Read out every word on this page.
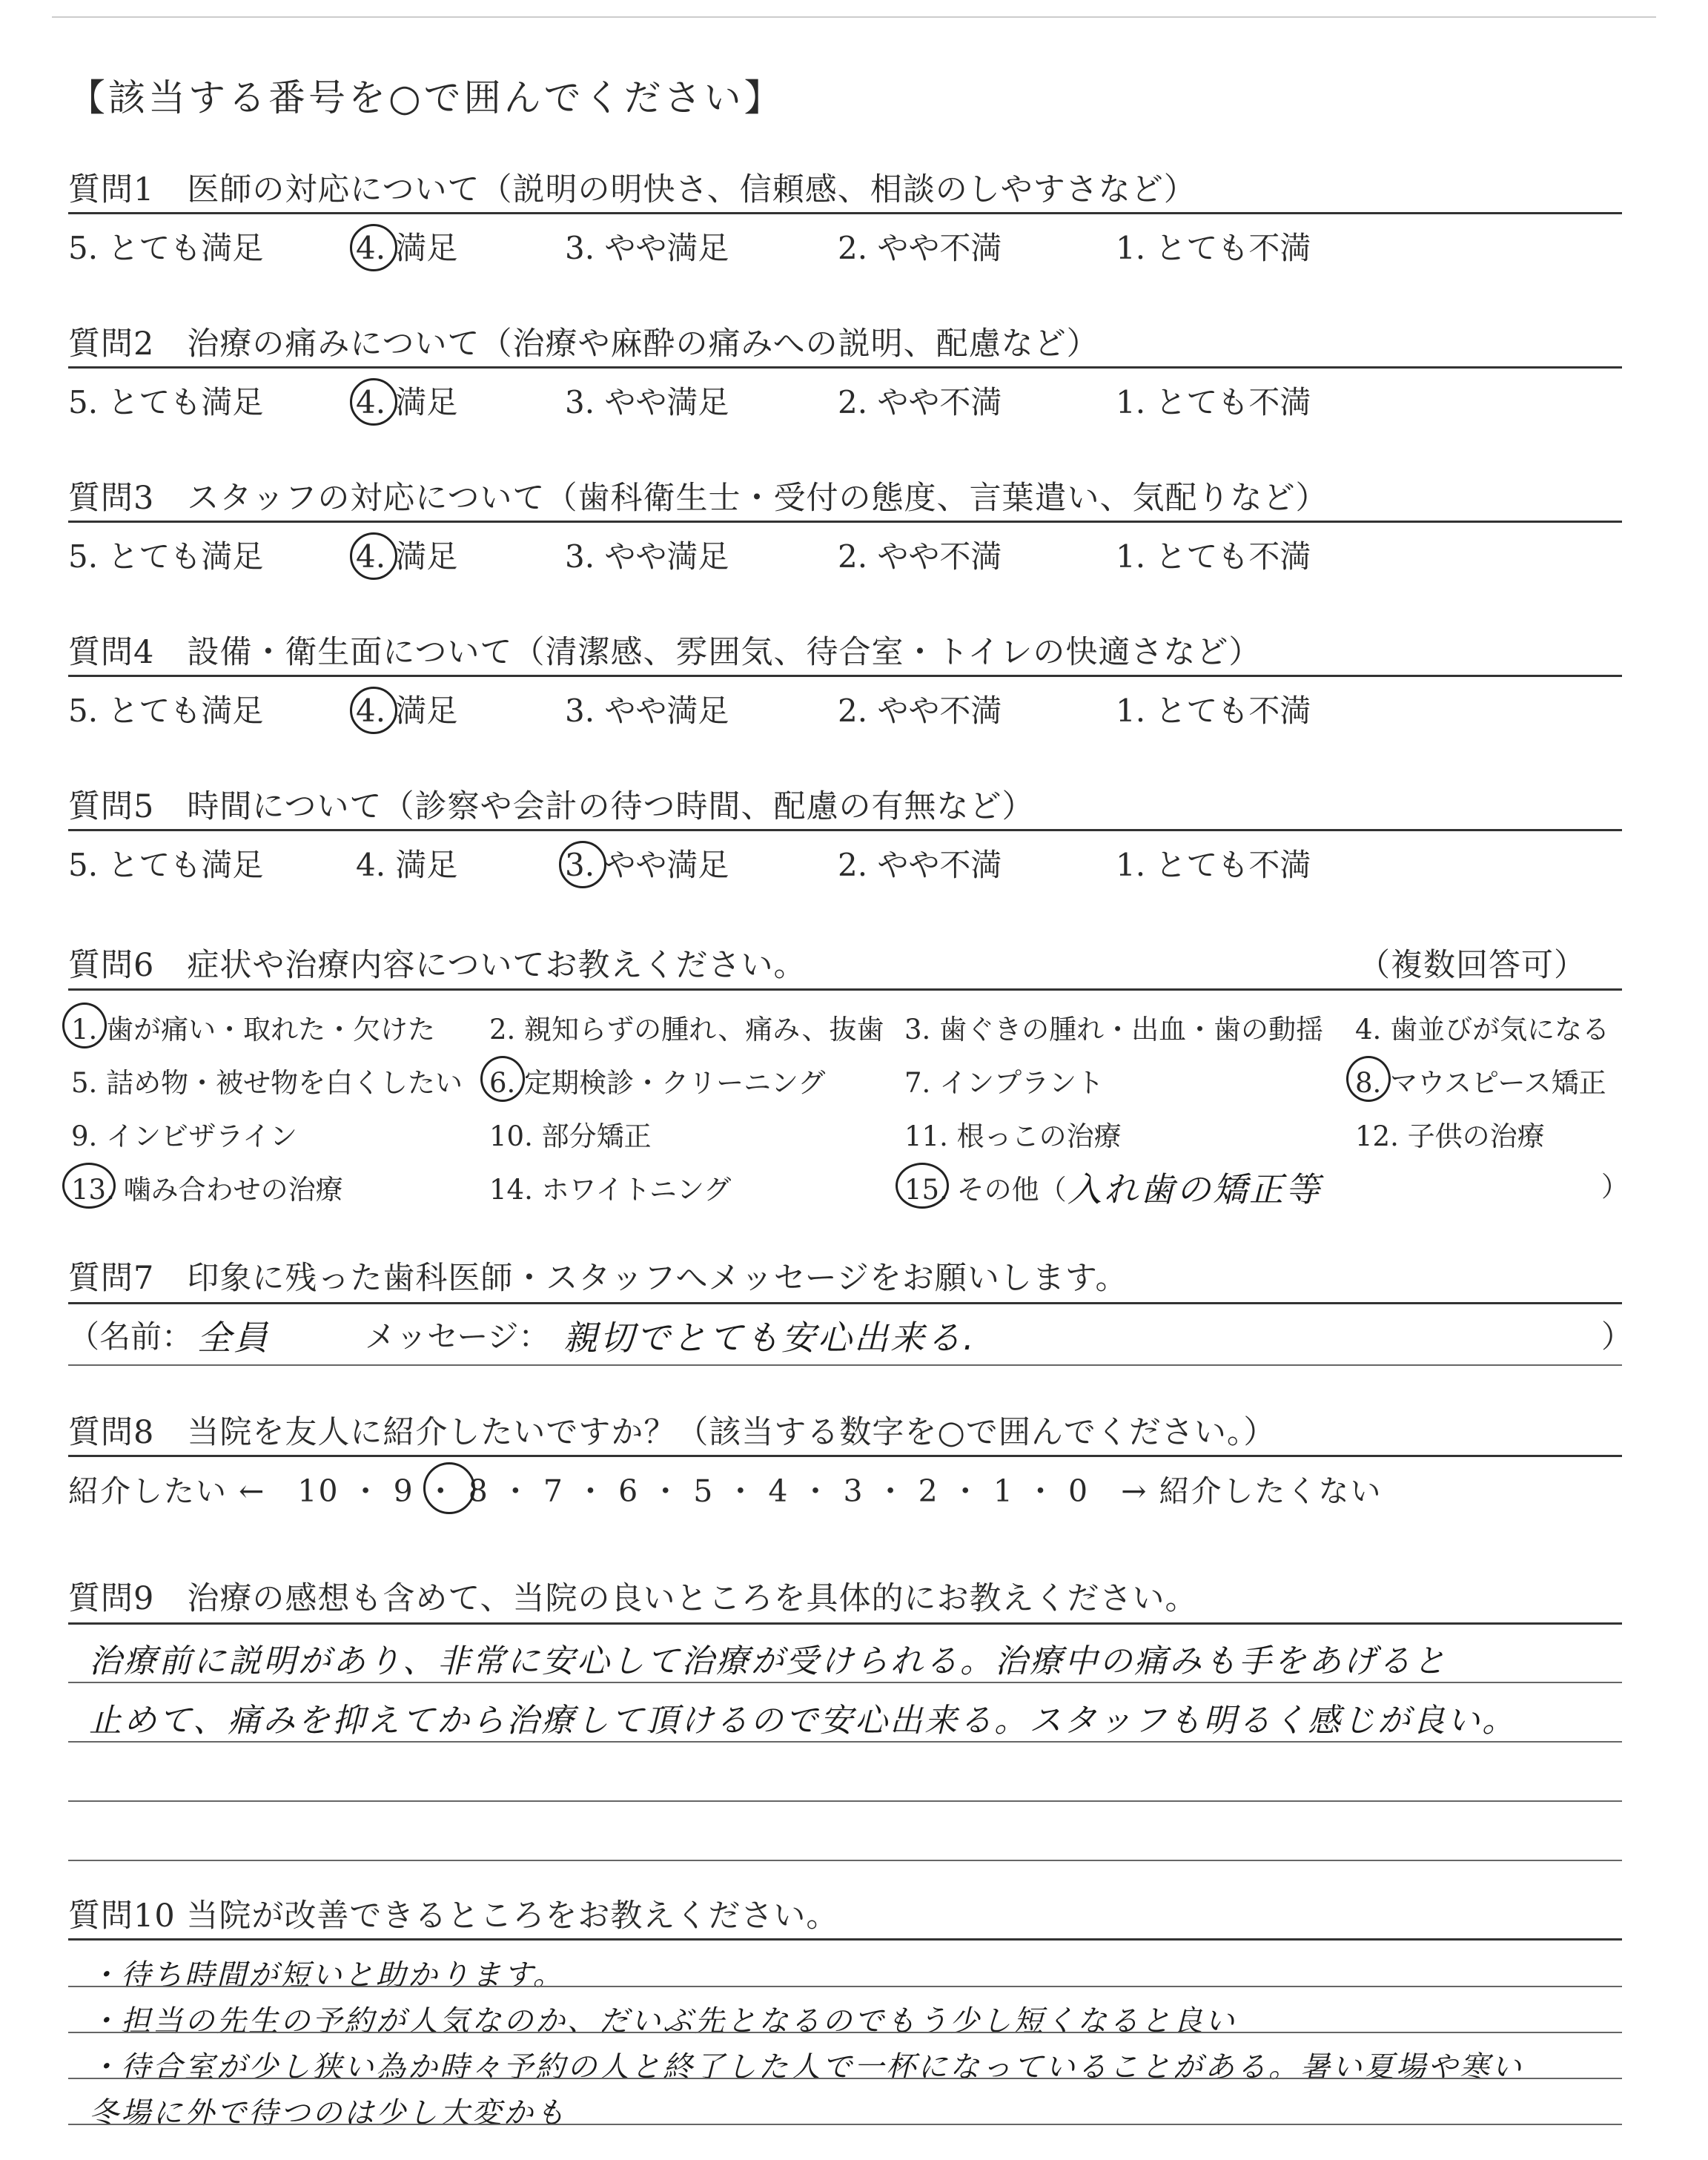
【該当する番号を○で囲んでください】
質問1　医師の対応について（説明の明快さ、信頼感、相談のしやすさなど）
5. とても満足	4. 満足	3. やや満足	2. やや不満	1. とても不満
質問2　治療の痛みについて（治療や麻酔の痛みへの説明、配慮など）
5. とても満足	4. 満足	3. やや満足	2. やや不満	1. とても不満
質問3　スタッフの対応について（歯科衛生士・受付の態度、言葉遣い、気配りなど）
5. とても満足	4. 満足	3. やや満足	2. やや不満	1. とても不満
質問4　設備・衛生面について（清潔感、雰囲気、待合室・トイレの快適さなど）
5. とても満足	4. 満足	3. やや満足	2. やや不満	1. とても不満
質問5　時間について（診察や会計の待つ時間、配慮の有無など）
5. とても満足	4. 満足	3. やや満足	2. やや不満	1. とても不満
質問6　症状や治療内容についてお教えください。	（複数回答可）
1. 歯が痛い・取れた・欠けた 2. 親知らずの腫れ、痛み、抜歯 3. 歯ぐきの腫れ・出血・歯の動揺 4. 歯並びが気になる
5. 詰め物・被せ物を白くしたい 6. 定期検診・クリーニング	7. インプラント	8. マウスピース矯正
9. インビザライン	10. 部分矯正	11. 根っこの治療	12. 子供の治療
13. 噛み合わせの治療	14. ホワイトニング	15. その他（ 入れ歯の矯正等	）
質問7　印象に残った歯科医師・スタッフへメッセージをお願いします。
（名前： 全員	メッセージ： 親切でとても安心出来る.	）
質問8　当院を友人に紹介したいですか？（該当する数字を○で囲んでください。）
紹介したい ←　10 ・ 9 ・ 8 ・ 7 ・ 6 ・ 5 ・ 4 ・ 3 ・ 2 ・ 1 ・ 0　→ 紹介したくない
質問9　治療の感想も含めて、当院の良いところを具体的にお教えください。
治療前に説明があり、非常に安心して治療が受けられる。治療中の痛みも手をあげると
止めて、痛みを抑えてから治療して頂けるので安心出来る。スタッフも明るく感じが良い。
質問10 当院が改善できるところをお教えください。
・待ち時間が短いと助かります。
・担当の先生の予約が人気なのか、だいぶ先となるのでもう少し短くなると良い
・待合室が少し狭い為か時々予約の人と終了した人で一杯になっていることがある。暑い夏場や寒い
冬場に外で待つのは少し大変かも
